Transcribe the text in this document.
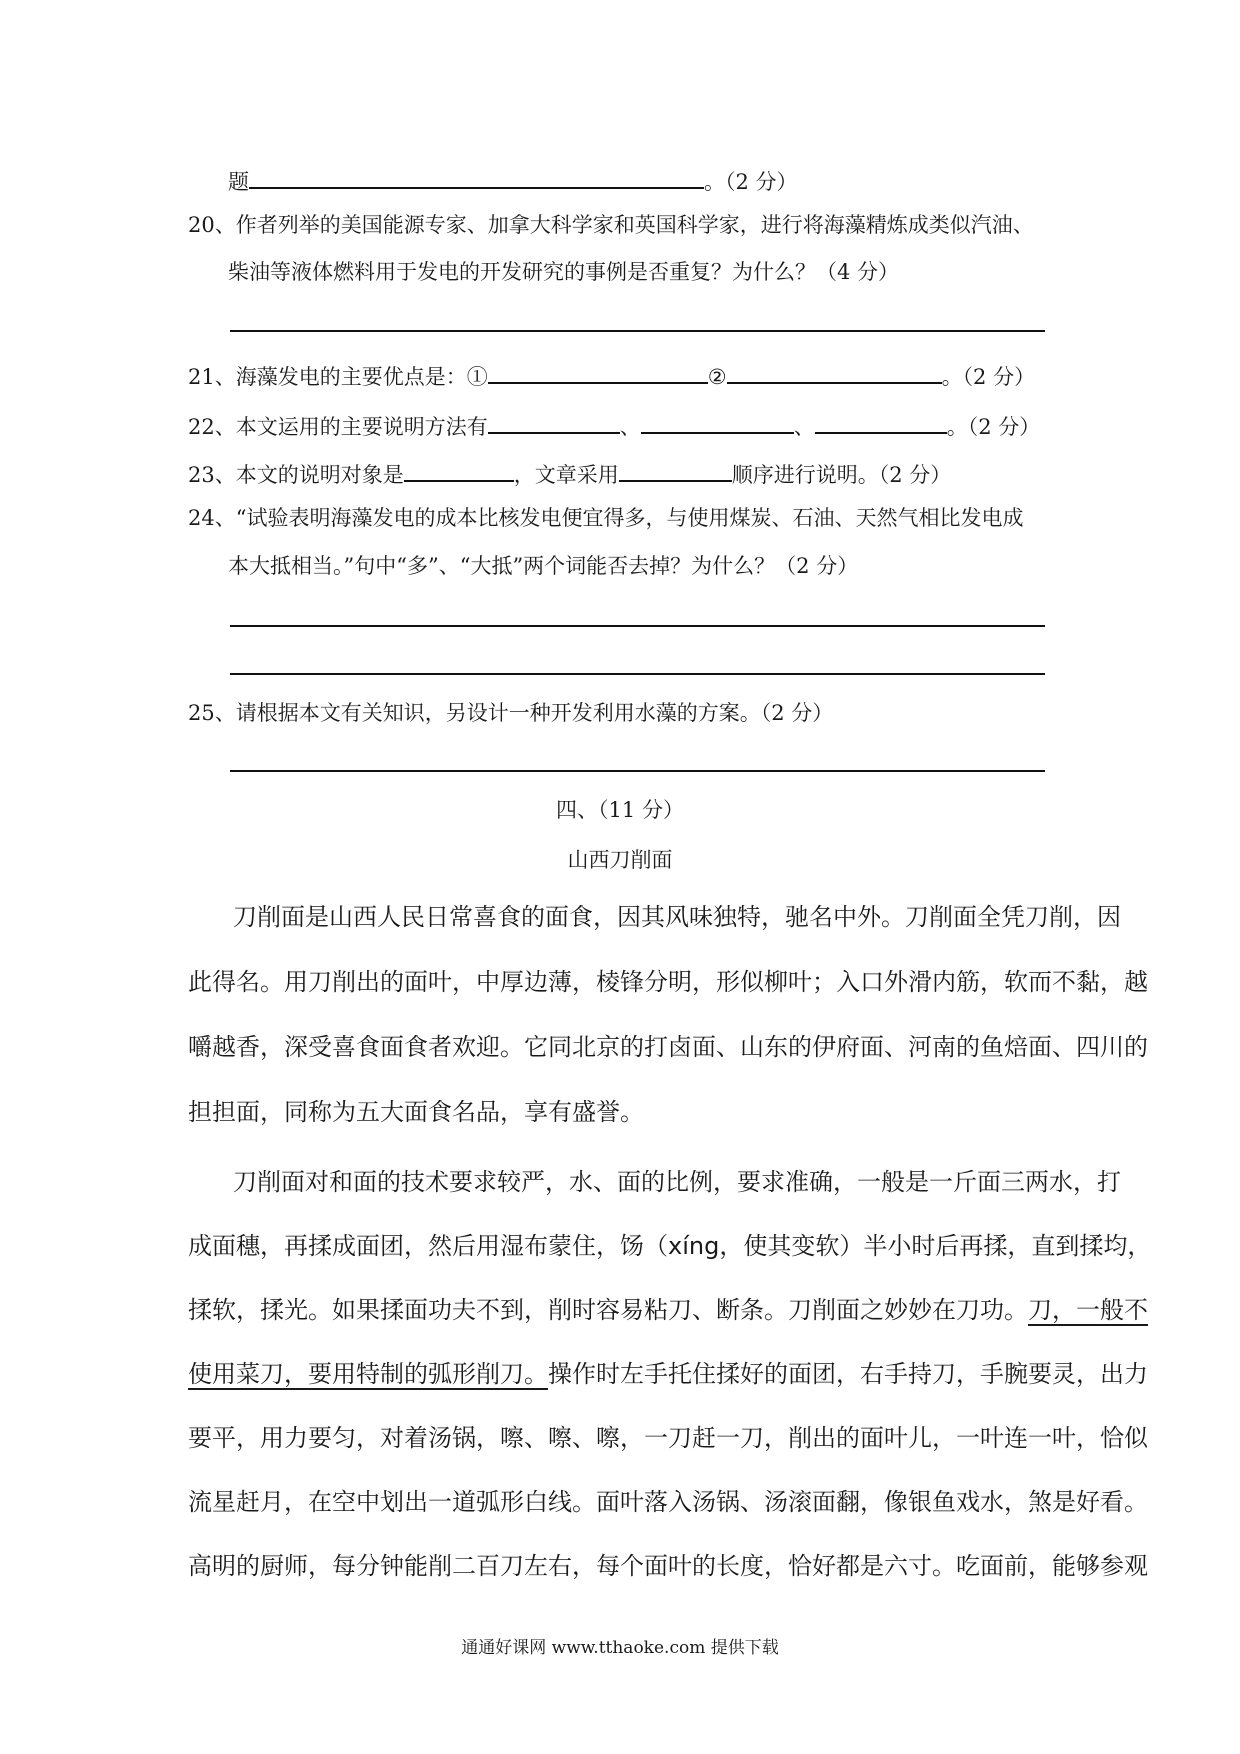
题	。（2 分）
20、作者列举的美国能源专家、加拿大科学家和英国科学家，进行将海藻精炼成类似汽油、
柴油等液体燃料用于发电的开发研究的事例是否重复？为什么？（4 分）
21、海藻发电的主要优点是：①	②	。（2 分）
22、本文运用的主要说明方法有	、	、	。（2 分）
23、本文的说明对象是	，文章采用	顺序进行说明。（2 分）
24、“试验表明海藻发电的成本比核发电便宜得多，与使用煤炭、石油、天然气相比发电成
本大抵相当。”句中“多”、“大抵”两个词能否去掉？为什么？（2 分）
25、请根据本文有关知识，另设计一种开发利用水藻的方案。（2 分）
四、（11 分）
山西刀削面
刀削面是山西人民日常喜食的面食，因其风味独特，驰名中外。刀削面全凭刀削，因
此得名。用刀削出的面叶，中厚边薄，棱锋分明，形似柳叶；入口外滑内筋，软而不黏，越
嚼越香，深受喜食面食者欢迎。它同北京的打卤面、山东的伊府面、河南的鱼焙面、四川的
担担面，同称为五大面食名品，享有盛誉。
刀削面对和面的技术要求较严，水、面的比例，要求准确，一般是一斤面三两水，打
成面穗，再揉成面团，然后用湿布蒙住，饧（xíng，使其变软）半小时后再揉，直到揉均，
揉软，揉光。如果揉面功夫不到，削时容易粘刀、断条。刀削面之妙妙在刀功。刀，一般不
使用菜刀，要用特制的弧形削刀。操作时左手托住揉好的面团，右手持刀，手腕要灵，出力
要平，用力要匀，对着汤锅，嚓、嚓、嚓，一刀赶一刀，削出的面叶儿，一叶连一叶，恰似
流星赶月，在空中划出一道弧形白线。面叶落入汤锅、汤滚面翻，像银鱼戏水，煞是好看。
高明的厨师，每分钟能削二百刀左右，每个面叶的长度，恰好都是六寸。吃面前，能够参观
通通好课网 www.tthaoke.com 提供下载
